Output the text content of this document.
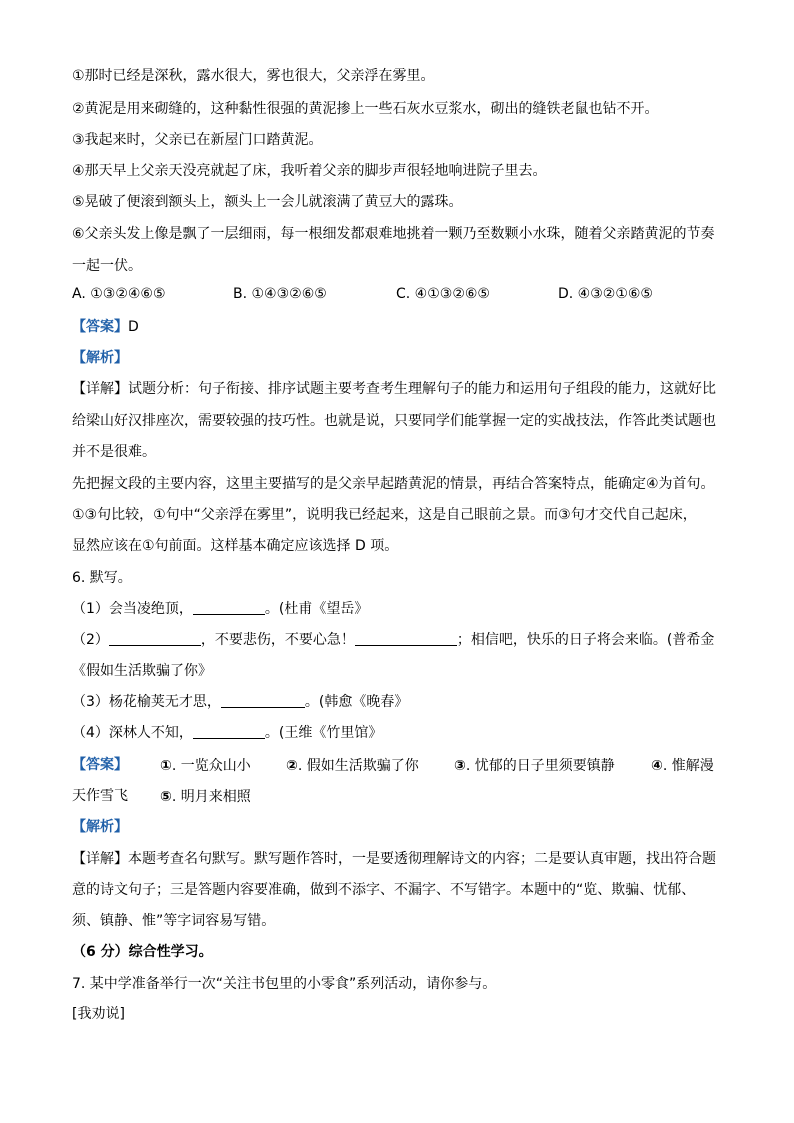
①那时已经是深秋，露水很大，雾也很大，父亲浮在雾里。
②黄泥是用来砌缝的，这种黏性很强的黄泥掺上一些石灰水豆浆水，砌出的缝铁老鼠也钻不开。
③我起来时，父亲已在新屋门口踏黄泥。
④那天早上父亲天没亮就起了床，我听着父亲的脚步声很轻地响进院子里去。
⑤晃破了便滚到额头上，额头上一会儿就滚满了黄豆大的露珠。
⑥父亲头发上像是飘了一层细雨，每一根细发都艰难地挑着一颗乃至数颗小水珠，随着父亲踏黄泥的节奏
一起一伏。
A. ①③②④⑥⑤	B. ①④③②⑥⑤	C. ④①③②⑥⑤	D. ④③②①⑥⑤
【答案】D
【解析】
【详解】试题分析：句子衔接、排序试题主要考查考生理解句子的能力和运用句子组段的能力，这就好比
给梁山好汉排座次，需要较强的技巧性。也就是说，只要同学们能掌握一定的实战技法，作答此类试题也
并不是很难。
先把握文段的主要内容，这里主要描写的是父亲早起踏黄泥的情景，再结合答案特点，能确定④为首句。
①③句比较，①句中“父亲浮在雾里”，说明我已经起来，这是自己眼前之景。而③句才交代自己起床，
显然应该在①句前面。这样基本确定应该选择 D 项。
6. 默写。
（1）会当凌绝顶，	。(杜甫《望岳》
（2）	，不要悲伤，不要心急！	；相信吧，快乐的日子将会来临。(普希金
《假如生活欺骗了你》
（3）杨花榆荚无才思，	。(韩愈《晚春》
（4）深林人不知，	。(王维《竹里馆》
【答案】 ①. 一览众山小	②. 假如生活欺骗了你	③. 忧郁的日子里须要镇静	④. 惟解漫
天作雪飞 ⑤. 明月来相照
【解析】
【详解】本题考查名句默写。默写题作答时，一是要透彻理解诗文的内容；二是要认真审题，找出符合题
意的诗文句子；三是答题内容要准确，做到不添字、不漏字、不写错字。本题中的“览、欺骗、忧郁、
须、镇静、惟”等字词容易写错。
（6 分）综合性学习。
7. 某中学准备举行一次“关注书包里的小零食”系列活动，请你参与。
[我劝说]
